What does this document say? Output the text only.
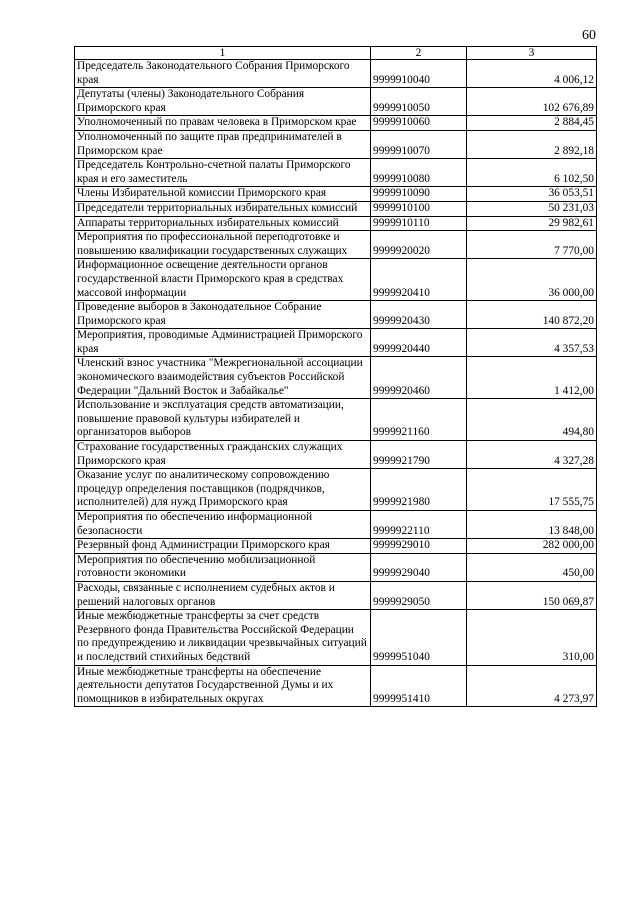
60
1	2	3
Председатель Законодательного Собрания Приморского края	9999910040	4 006,12
Депутаты (члены) Законодательного Собрания Приморского края	9999910050	102 676,89
Уполномоченный по правам человека в Приморском крае	9999910060	2 884,45
Уполномоченный по защите прав предпринимателей в Приморском крае	9999910070	2 892,18
Председатель Контрольно-счетной палаты Приморского края и его заместитель	9999910080	6 102,50
Члены Избирательной комиссии Приморского края	9999910090	36 053,51
Председатели территориальных избирательных комиссий	9999910100	50 231,03
Аппараты территориальных избирательных комиссий	9999910110	29 982,61
Мероприятия по профессиональной переподготовке и повышению квалификации государственных служащих	9999920020	7 770,00
Информационное освещение деятельности органов государственной власти Приморского края в средствах массовой информации	9999920410	36 000,00
Проведение выборов в Законодательное Собрание Приморского края	9999920430	140 872,20
Мероприятия, проводимые Администрацией Приморского края	9999920440	4 357,53
Членский взнос участника "Межрегиональной ассоциации экономического взаимодействия субъектов Российской Федерации "Дальний Восток и Забайкалье"	9999920460	1 412,00
Использование и эксплуатация средств автоматизации, повышение правовой культуры избирателей и организаторов выборов	9999921160	494,80
Страхование государственных гражданских служащих Приморского края	9999921790	4 327,28
Оказание услуг по аналитическому сопровождению процедур определения поставщиков (подрядчиков, исполнителей) для нужд Приморского края	9999921980	17 555,75
Мероприятия по обеспечению информационной безопасности	9999922110	13 848,00
Резервный фонд Администрации Приморского края	9999929010	282 000,00
Мероприятия по обеспечению мобилизационной готовности экономики	9999929040	450,00
Расходы, связанные с исполнением судебных актов и решений налоговых органов	9999929050	150 069,87
Иные межбюджетные трансферты за счет средств Резервного фонда Правительства Российской Федерации по предупреждению и ликвидации чрезвычайных ситуаций и последствий стихийных бедствий	9999951040	310,00
Иные межбюджетные трансферты на обеспечение деятельности депутатов Государственной Думы и их помощников в избирательных округах	9999951410	4 273,97
